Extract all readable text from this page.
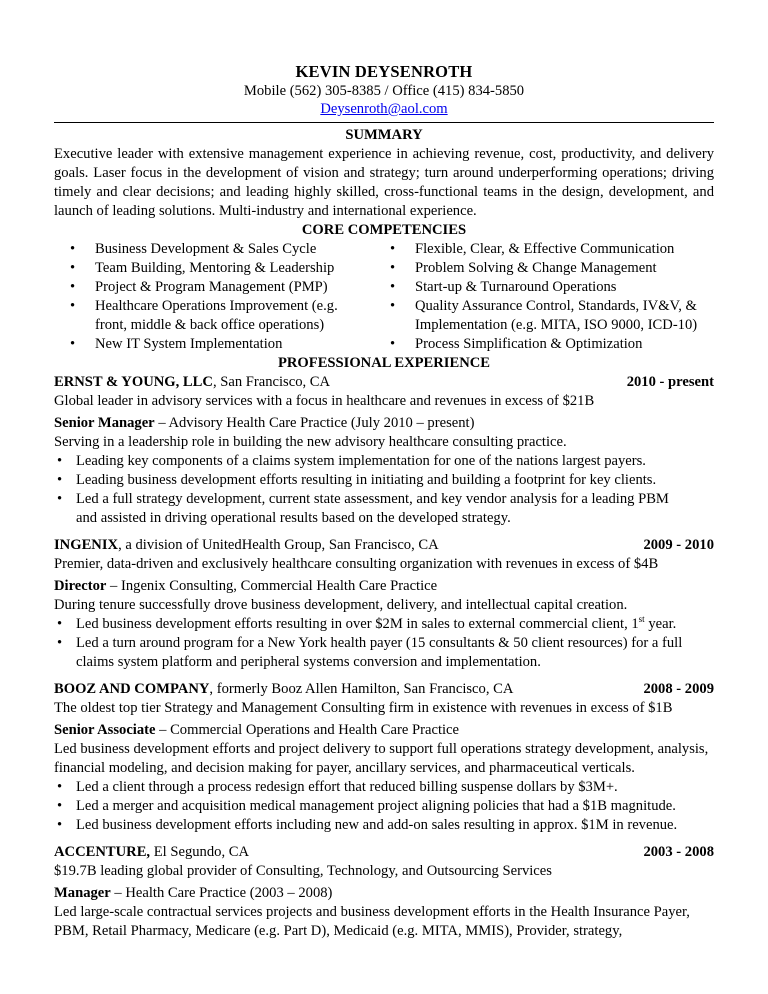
KEVIN DEYSENROTH
Mobile (562) 305-8385 / Office (415) 834-5850
Deysenroth@aol.com
SUMMARY
Executive leader with extensive management experience in achieving revenue, cost, productivity, and delivery goals. Laser focus in the development of vision and strategy; turn around underperforming operations; driving timely and clear decisions; and leading highly skilled, cross-functional teams in the design, development, and launch of leading solutions. Multi-industry and international experience.
CORE COMPETENCIES
•	Business Development & Sales Cycle
•	Team Building, Mentoring & Leadership
•	Project & Program Management (PMP)
•	Healthcare Operations Improvement (e.g. front, middle & back office operations)
•	New IT System Implementation
•	Flexible, Clear, & Effective Communication
•	Problem Solving & Change Management
•	Start-up & Turnaround Operations
•	Quality Assurance Control, Standards, IV&V, & Implementation (e.g. MITA, ISO 9000, ICD-10)
•	Process Simplification & Optimization
PROFESSIONAL EXPERIENCE
ERNST & YOUNG, LLC, San Francisco, CA	2010 - present
Global leader in advisory services with a focus in healthcare and revenues in excess of $21B
Senior Manager – Advisory Health Care Practice (July 2010 – present)
Serving in a leadership role in building the new advisory healthcare consulting practice.
• Leading key components of a claims system implementation for one of the nations largest payers.
• Leading business development efforts resulting in initiating and building a footprint for key clients.
• Led a full strategy development, current state assessment, and key vendor analysis for a leading PBM and assisted in driving operational results based on the developed strategy.
INGENIX, a division of UnitedHealth Group, San Francisco, CA	2009 - 2010
Premier, data-driven and exclusively healthcare consulting organization with revenues in excess of $4B
Director – Ingenix Consulting, Commercial Health Care Practice
During tenure successfully drove business development, delivery, and intellectual capital creation.
• Led business development efforts resulting in over $2M in sales to external commercial client, 1st year.
• Led a turn around program for a New York health payer (15 consultants & 50 client resources) for a full claims system platform and peripheral systems conversion and implementation.
BOOZ AND COMPANY, formerly Booz Allen Hamilton, San Francisco, CA	2008 - 2009
The oldest top tier Strategy and Management Consulting firm in existence with revenues in excess of $1B
Senior Associate – Commercial Operations and Health Care Practice
Led business development efforts and project delivery to support full operations strategy development, analysis, financial modeling, and decision making for payer, ancillary services, and pharmaceutical verticals.
• Led a client through a process redesign effort that reduced billing suspense dollars by $3M+.
• Led a merger and acquisition medical management project aligning policies that had a $1B magnitude.
• Led business development efforts including new and add-on sales resulting in approx. $1M in revenue.
ACCENTURE, El Segundo, CA	2003 - 2008
$19.7B leading global provider of Consulting, Technology, and Outsourcing Services
Manager – Health Care Practice (2003 – 2008)
Led large-scale contractual services projects and business development efforts in the Health Insurance Payer, PBM, Retail Pharmacy, Medicare (e.g. Part D), Medicaid (e.g. MITA, MMIS), Provider, strategy,
